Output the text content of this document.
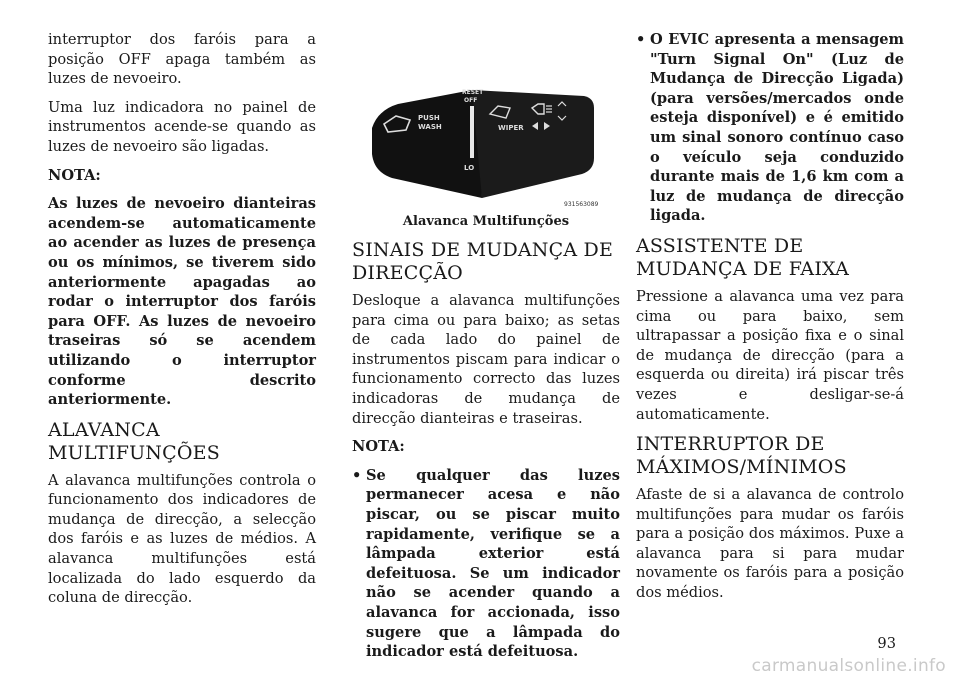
interruptor dos faróis para a posição OFF apaga também as luzes de nevoeiro.

Uma luz indicadora no painel de instrumentos acende-se quando as luzes de nevoeiro são ligadas.

NOTA:

As luzes de nevoeiro dianteiras acendem-se automaticamente ao acender as luzes de presença ou os mínimos, se tiverem sido anteriormente apagadas ao rodar o interruptor dos faróis para OFF. As luzes de nevoeiro traseiras só se acendem utilizando o interruptor conforme descrito anteriormente.

ALAVANCA MULTIFUNÇÕES

A alavanca multifunções controla o funcionamento dos indicadores de mudança de direcção, a selecção dos faróis e as luzes de médios. A alavanca multifunções está localizada do lado esquerdo da coluna de direcção.

PUSH
WASH
RESET
OFF
WIPER
LO
931563089
Alavanca Multifunções
SINAIS DE MUDANÇA DE DIRECÇÃO

Desloque a alavanca multifunções para cima ou para baixo; as setas de cada lado do painel de instrumentos piscam para indicar o funcionamento correcto das luzes indicadoras de mudança de direcção dianteiras e traseiras.

NOTA:

• Se qualquer das luzes permanecer acesa e não piscar, ou se piscar muito rapidamente, verifique se a lâmpada exterior está defeituosa. Se um indicador não se acender quando a alavanca for accionada, isso sugere que a lâmpada do indicador está defeituosa.
• O EVIC apresenta a mensagem "Turn Signal On" (Luz de Mudança de Direcção Ligada) (para versões/mercados onde esteja disponível) e é emitido um sinal sonoro contínuo caso o veículo seja conduzido durante mais de 1,6 km com a luz de mudança de direcção ligada.
ASSISTENTE DE MUDANÇA DE FAIXA

Pressione a alavanca uma vez para cima ou para baixo, sem ultrapassar a posição fixa e o sinal de mudança de direcção (para a esquerda ou direita) irá piscar três vezes e desligar-se-á automaticamente.

INTERRUPTOR DE MÁXIMOS/MÍNIMOS

Afaste de si a alavanca de controlo multifunções para mudar os faróis para a posição dos máximos. Puxe a alavanca para si para mudar novamente os faróis para a posição dos médios.

93
carmanualsonline.info
